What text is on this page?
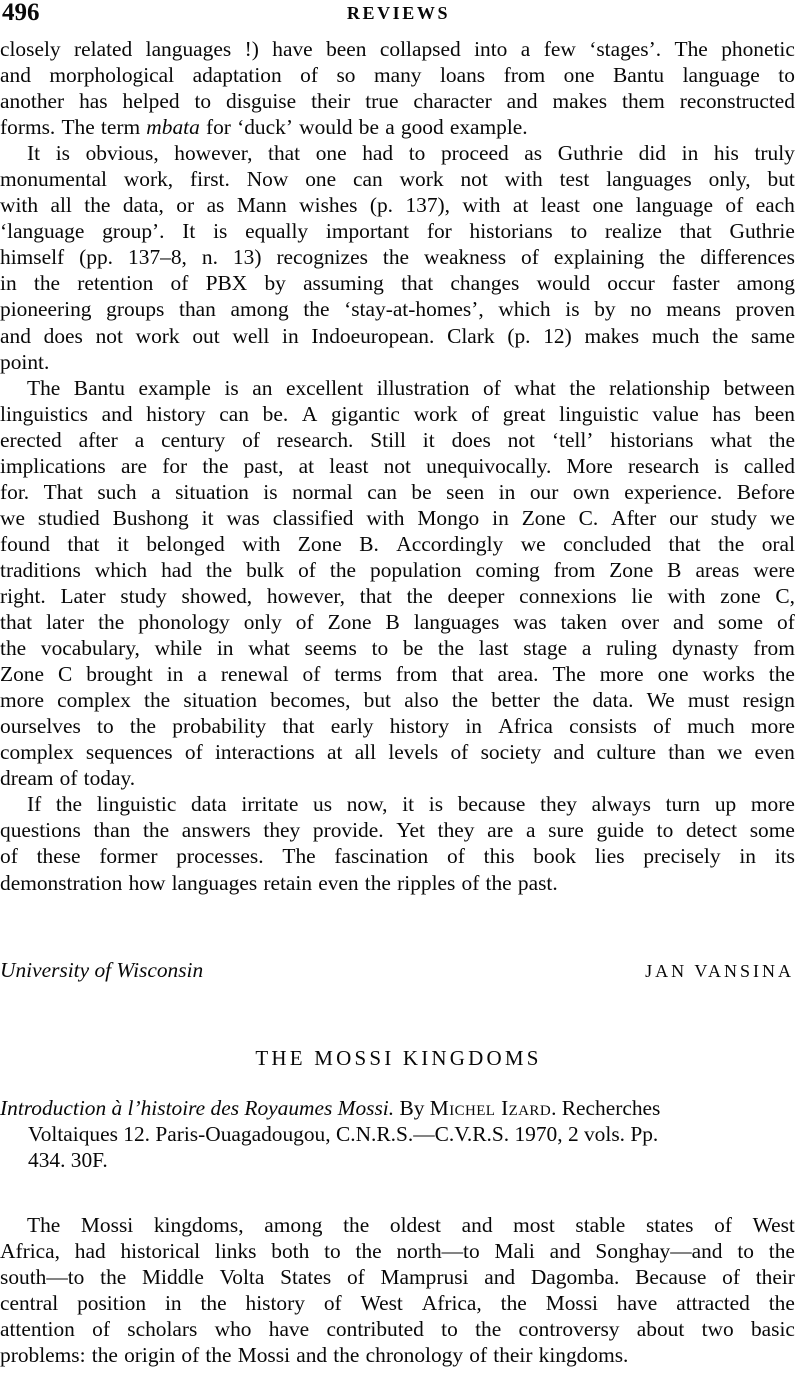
496	REVIEWS
closely related languages !) have been collapsed into a few ‘stages’. The phonetic
and morphological adaptation of so many loans from one Bantu language to
another has helped to disguise their true character and makes them reconstructed
forms.
The
term
mbata
for
‘duck’
would
be
a
good
example.
It is obvious, however, that one had to proceed as Guthrie did in his truly
monumental work, first. Now one can work not with test languages only, but
with all the data, or as Mann wishes (p. 137), with at least one language of each
‘language group’. It is equally important for historians to realize that Guthrie
himself (pp. 137–8, n. 13) recognizes the weakness of explaining the differences
in the retention of PBX by assuming that changes would occur faster among
pioneering groups than among the ‘stay-at-homes’, which is by no means proven
and does not work out well in Indoeuropean. Clark (p. 12) makes much the same
point.
The Bantu example is an excellent illustration of what the relationship between
linguistics and history can be. A gigantic work of great linguistic value has been
erected after a century of research. Still it does not ‘tell’ historians what the
implications are for the past, at least not unequivocally. More research is called
for. That such a situation is normal can be seen in our own experience. Before
we studied Bushong it was classified with Mongo in Zone C. After our study we
found that it belonged with Zone B. Accordingly we concluded that the oral
traditions which had the bulk of the population coming from Zone B areas were
right. Later study showed, however, that the deeper connexions lie with zone C,
that later the phonology only of Zone B languages was taken over and some of
the vocabulary, while in what seems to be the last stage a ruling dynasty from
Zone C brought in a renewal of terms from that area. The more one works the
more complex the situation becomes, but also the better the data. We must resign
ourselves to the probability that early history in Africa consists of much more
complex sequences of interactions at all levels of society and culture than we even
dream
of
today.
If the linguistic data irritate us now, it is because they always turn up more
questions than the answers they provide. Yet they are a sure guide to detect some
of these former processes. The fascination of this book lies precisely in its
demonstration
how
languages
retain
even
the
ripples
of
the
past.
University of Wisconsin	JAN VANSINA
THE MOSSI KINGDOMS
Introduction à l’histoire des Royaumes Mossi. By Michel Izard . Recherches
Voltaiques 12. Paris-Ouagadougou, C.N.R.S.—C.V.R.S. 1970, 2 vols. Pp.
434. 30F.
The Mossi kingdoms, among the oldest and most stable states of West
Africa, had historical links both to the north—to Mali and Songhay—and to the
south—to the Middle Volta States of Mamprusi and Dagomba. Because of their
central position in the history of West Africa, the Mossi have attracted the
attention of scholars who have contributed to the controversy about two basic
problems:
the
origin
of
the
Mossi
and
the
chronology
of
their
kingdoms.
